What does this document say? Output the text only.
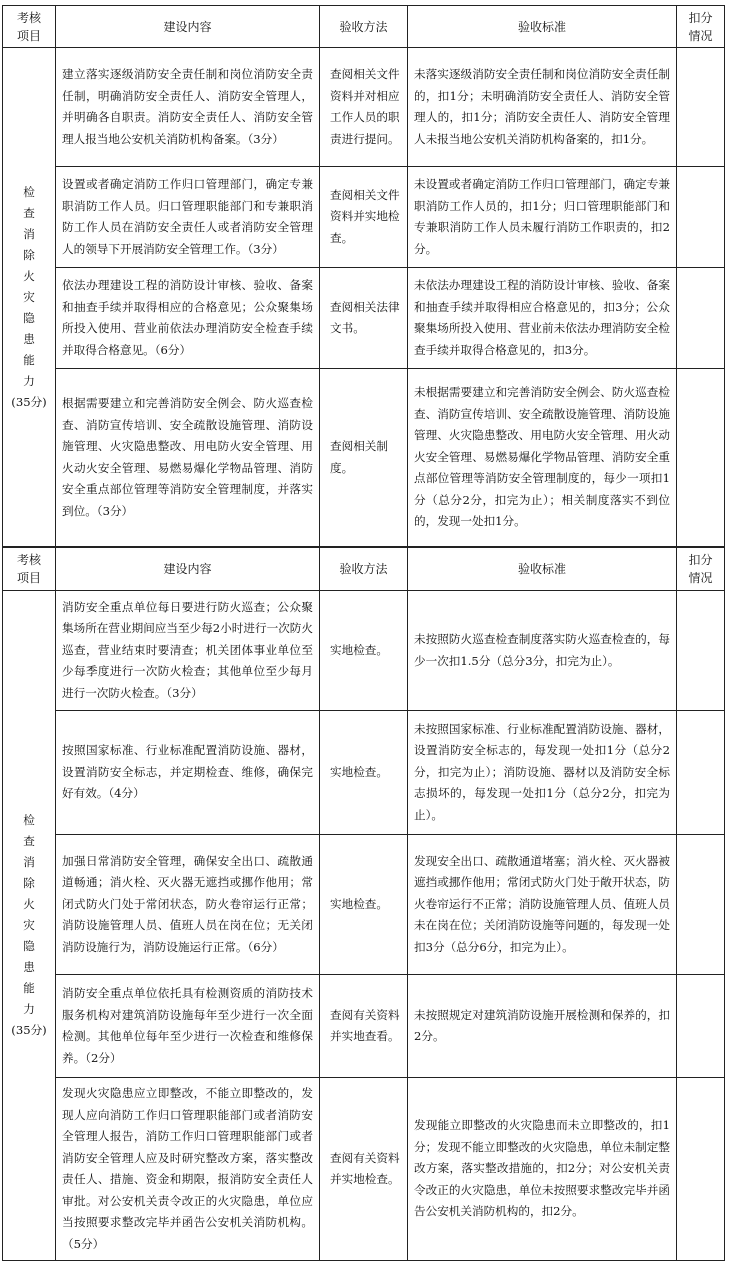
考核项目	建设内容	验收方法	验收标准	扣分情况
检查消除火灾隐患能力
(35分)	建立落实逐级消防安全责任制和岗位消防安全责任制，明确消防安全责任人、消防安全管理人，并明确各自职责。消防安全责任人、消防安全管理人报当地公安机关消防机构备案。（3分）	查阅相关文件资料并对相应工作人员的职责进行提问。	未落实逐级消防安全责任制和岗位消防安全责任制的，扣1分；未明确消防安全责任人、消防安全管理人的，扣1分；消防安全责任人、消防安全管理人未报当地公安机关消防机构备案的，扣1分。	
	设置或者确定消防工作归口管理部门，确定专兼职消防工作人员。归口管理职能部门和专兼职消防工作人员在消防安全责任人或者消防安全管理人的领导下开展消防安全管理工作。（3分）	查阅相关文件资料并实地检查。	未设置或者确定消防工作归口管理部门，确定专兼职消防工作人员的，扣1分；归口管理职能部门和专兼职消防工作人员未履行消防工作职责的，扣2分。	
	依法办理建设工程的消防设计审核、验收、备案和抽查手续并取得相应的合格意见；公众聚集场所投入使用、营业前依法办理消防安全检查手续并取得合格意见。（6分）	查阅相关法律文书。	未依法办理建设工程的消防设计审核、验收、备案和抽查手续并取得相应合格意见的，扣3分；公众聚集场所投入使用、营业前未依法办理消防安全检查手续并取得合格意见的，扣3分。	
	根据需要建立和完善消防安全例会、防火巡查检查、消防宣传培训、安全疏散设施管理、消防设施管理、火灾隐患整改、用电防火安全管理、用火动火安全管理、易燃易爆化学物品管理、消防安全重点部位管理等消防安全管理制度，并落实到位。（3分）	查阅相关制度。	未根据需要建立和完善消防安全例会、防火巡查检查、消防宣传培训、安全疏散设施管理、消防设施管理、火灾隐患整改、用电防火安全管理、用火动火安全管理、易燃易爆化学物品管理、消防安全重点部位管理等消防安全管理制度的，每少一项扣1分（总分2分，扣完为止）；相关制度落实不到位的，发现一处扣1分。	
考核项目	建设内容	验收方法	验收标准	扣分情况
检查消除火灾隐患能力
(35分)	消防安全重点单位每日要进行防火巡查；公众聚集场所在营业期间应当至少每2小时进行一次防火巡查，营业结束时要清查；机关团体事业单位至少每季度进行一次防火检查；其他单位至少每月进行一次防火检查。（3分）	实地检查。	未按照防火巡查检查制度落实防火巡查检查的，每少一次扣1.5分（总分3分，扣完为止）。	
	按照国家标准、行业标准配置消防设施、器材，设置消防安全标志，并定期检查、维修，确保完好有效。（4分）	实地检查。	未按照国家标准、行业标准配置消防设施、器材，设置消防安全标志的，每发现一处扣1分（总分2分，扣完为止）；消防设施、器材以及消防安全标志损坏的，每发现一处扣1分（总分2分，扣完为止）。	
	加强日常消防安全管理，确保安全出口、疏散通道畅通；消火栓、灭火器无遮挡或挪作他用；常闭式防火门处于常闭状态，防火卷帘运行正常；消防设施管理人员、值班人员在岗在位；无关闭消防设施行为，消防设施运行正常。（6分）	实地检查。	发现安全出口、疏散通道堵塞；消火栓、灭火器被遮挡或挪作他用；常闭式防火门处于敞开状态，防火卷帘运行不正常；消防设施管理人员、值班人员未在岗在位；关闭消防设施等问题的，每发现一处扣3分（总分6分，扣完为止）。	
	消防安全重点单位依托具有检测资质的消防技术服务机构对建筑消防设施每年至少进行一次全面检测。其他单位每年至少进行一次检查和维修保养。（2分）	查阅有关资料并实地查看。	未按照规定对建筑消防设施开展检测和保养的，扣2分。	
	发现火灾隐患应立即整改，不能立即整改的，发现人应向消防工作归口管理职能部门或者消防安全管理人报告，消防工作归口管理职能部门或者消防安全管理人应及时研究整改方案，落实整改责任人、措施、资金和期限，报消防安全责任人审批。对公安机关责令改正的火灾隐患，单位应当按照要求整改完毕并函告公安机关消防机构。（5分）	查阅有关资料并实地检查。	发现能立即整改的火灾隐患而未立即整改的，扣1分；发现不能立即整改的火灾隐患，单位未制定整改方案，落实整改措施的，扣2分；对公安机关责令改正的火灾隐患，单位未按照要求整改完毕并函告公安机关消防机构的，扣2分。	
